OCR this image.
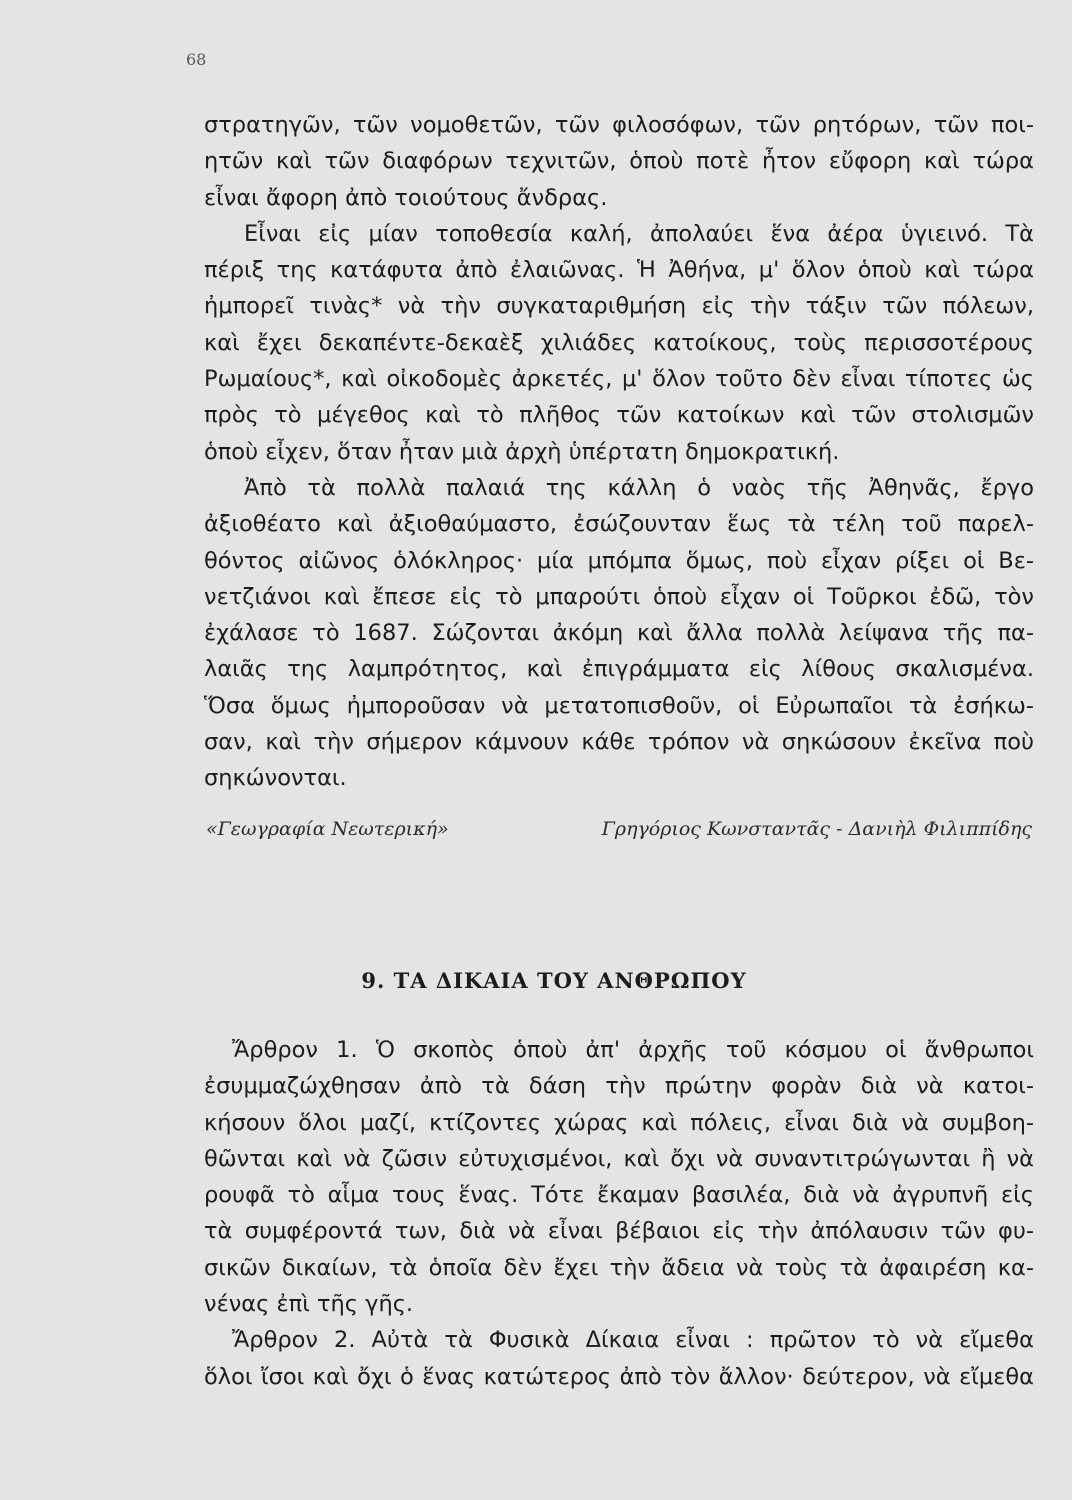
68
στρατηγῶν, τῶν νομοθετῶν, τῶν φιλοσόφων, τῶν ρητόρων, τῶν ποι-
ητῶν καὶ τῶν διαφόρων τεχνιτῶν, ὁποὺ ποτὲ ἦτον εὔφορη καὶ τώρα
εἶναι ἄφορη ἀπὸ τοιούτους ἄνδρας.
Εἶναι εἰς μίαν τοποθεσία καλή, ἀπολαύει ἕνα ἀέρα ὑγιεινό. Τὰ
πέριξ της κατάφυτα ἀπὸ ἐλαιῶνας. Ἡ Ἀθήνα, μ' ὅλον ὁποὺ καὶ τώρα
ἠμπορεῖ τινὰς* νὰ τὴν συγκαταριθμήση εἰς τὴν τάξιν τῶν πόλεων,
καὶ ἔχει δεκαπέντε-δεκαὲξ χιλιάδες κατοίκους, τοὺς περισσοτέρους
Ρωμαίους*, καὶ οἰκοδομὲς ἀρκετές, μ' ὅλον τοῦτο δὲν εἶναι τίποτες ὡς
πρὸς τὸ μέγεθος καὶ τὸ πλῆθος τῶν κατοίκων καὶ τῶν στολισμῶν
ὁποὺ εἶχεν, ὅταν ἦταν μιὰ ἀρχὴ ὑπέρτατη δημοκρατική.
Ἀπὸ τὰ πολλὰ παλαιά της κάλλη ὁ ναὸς τῆς Ἀθηνᾶς, ἔργο
ἀξιοθέατο καὶ ἀξιοθαύμαστο, ἐσώζουνταν ἕως τὰ τέλη τοῦ παρελ-
θόντος αἰῶνος ὁλόκληρος· μία μπόμπα ὅμως, ποὺ εἶχαν ρίξει οἱ Βε-
νετζιάνοι καὶ ἔπεσε εἰς τὸ μπαρούτι ὁποὺ εἶχαν οἱ Τοῦρκοι ἐδῶ, τὸν
ἐχάλασε τὸ 1687. Σώζονται ἀκόμη καὶ ἄλλα πολλὰ λείψανα τῆς πα-
λαιᾶς της λαμπρότητος, καὶ ἐπιγράμματα εἰς λίθους σκαλισμένα.
Ὅσα ὅμως ἠμποροῦσαν νὰ μετατοπισθοῦν, οἱ Εὐρωπαῖοι τὰ ἐσήκω-
σαν, καὶ τὴν σήμερον κάμνουν κάθε τρόπον νὰ σηκώσουν ἐκεῖνα ποὺ
σηκώνονται.
«Γεωγραφία Νεωτερική»	Γρηγόριος Κωνσταντᾶς - Δανιὴλ Φιλιππίδης
9. ΤΑ ΔΙΚΑΙΑ ΤΟΥ ΑΝΘΡΩΠΟΥ
Ἄρθρον 1. Ὁ σκοπὸς ὁποὺ ἀπ' ἀρχῆς τοῦ κόσμου οἱ ἄνθρωποι
ἐσυμμαζώχθησαν ἀπὸ τὰ δάση τὴν πρώτην φορὰν διὰ νὰ κατοι-
κήσουν ὅλοι μαζί, κτίζοντες χώρας καὶ πόλεις, εἶναι διὰ νὰ συμβοη-
θῶνται καὶ νὰ ζῶσιν εὐτυχισμένοι, καὶ ὄχι νὰ συναντιτρώγωνται ἢ νὰ
ρουφᾶ τὸ αἷμα τους ἕνας. Τότε ἔκαμαν βασιλέα, διὰ νὰ ἀγρυπνῆ εἰς
τὰ συμφέροντά των, διὰ νὰ εἶναι βέβαιοι εἰς τὴν ἀπόλαυσιν τῶν φυ-
σικῶν δικαίων, τὰ ὁποῖα δὲν ἔχει τὴν ἄδεια νὰ τοὺς τὰ ἀφαιρέση κα-
νένας ἐπὶ τῆς γῆς.
Ἄρθρον 2. Αὐτὰ τὰ Φυσικὰ Δίκαια εἶναι : πρῶτον τὸ νὰ εἴμεθα
ὅλοι ἴσοι καὶ ὄχι ὁ ἕνας κατώτερος ἀπὸ τὸν ἄλλον· δεύτερον, νὰ εἴμεθα
